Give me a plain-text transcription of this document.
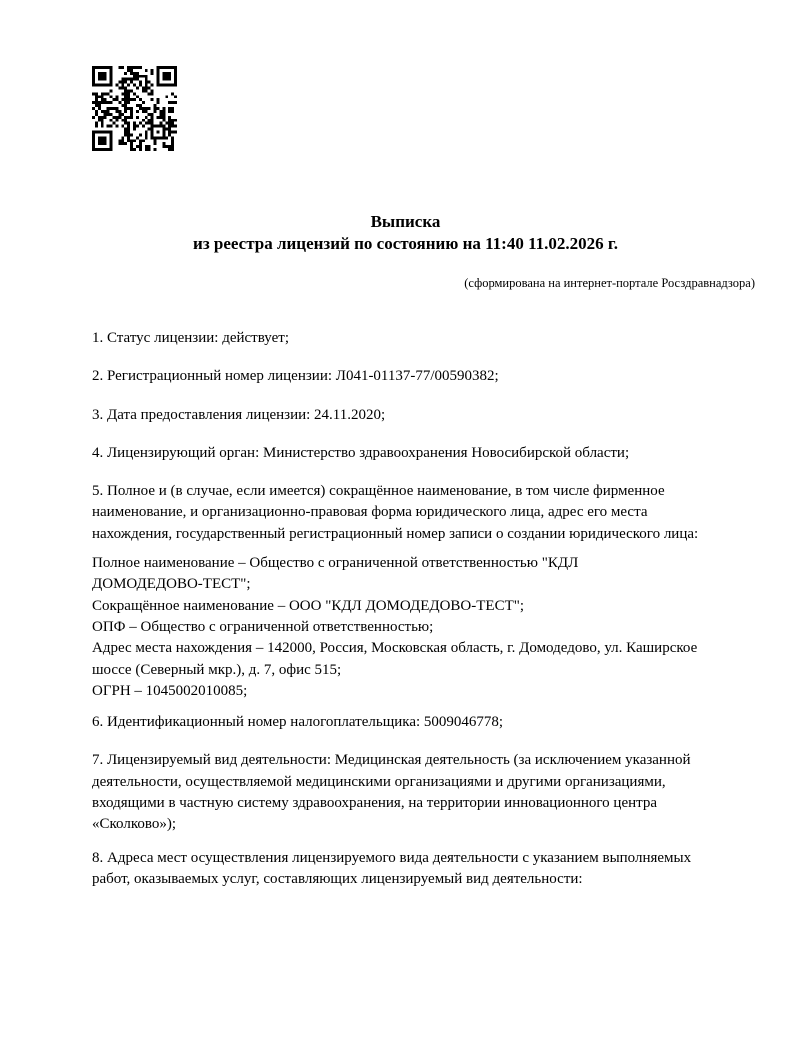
Выписка
из реестра лицензий по состоянию на 11:40 11.02.2026 г.
(сформирована на интернет-портале Росздравнадзора)
1. Статус лицензии: действует;
2. Регистрационный номер лицензии: Л041-01137-77/00590382;
3. Дата предоставления лицензии: 24.11.2020;
4. Лицензирующий орган: Министерство здравоохранения Новосибирской области;
5. Полное и (в случае, если имеется) сокращённое наименование, в том числе фирменное
наименование, и организационно-правовая форма юридического лица, адрес его места
нахождения, государственный регистрационный номер записи о создании юридического лица:
Полное наименование – Общество с ограниченной ответственностью "КДЛ
ДОМОДЕДОВО-ТЕСТ";
Сокращённое наименование – ООО "КДЛ ДОМОДЕДОВО-ТЕСТ";
ОПФ – Общество с ограниченной ответственностью;
Адрес места нахождения – 142000, Россия, Московская область, г. Домодедово, ул. Каширское
шоссе (Северный мкр.), д. 7, офис 515;
ОГРН – 1045002010085;
6. Идентификационный номер налогоплательщика: 5009046778;
7. Лицензируемый вид деятельности: Медицинская деятельность (за исключением указанной
деятельности, осуществляемой медицинскими организациями и другими организациями,
входящими в частную систему здравоохранения, на территории инновационного центра
«Сколково»);
8. Адреса мест осуществления лицензируемого вида деятельности с указанием выполняемых
работ, оказываемых услуг, составляющих лицензируемый вид деятельности:
